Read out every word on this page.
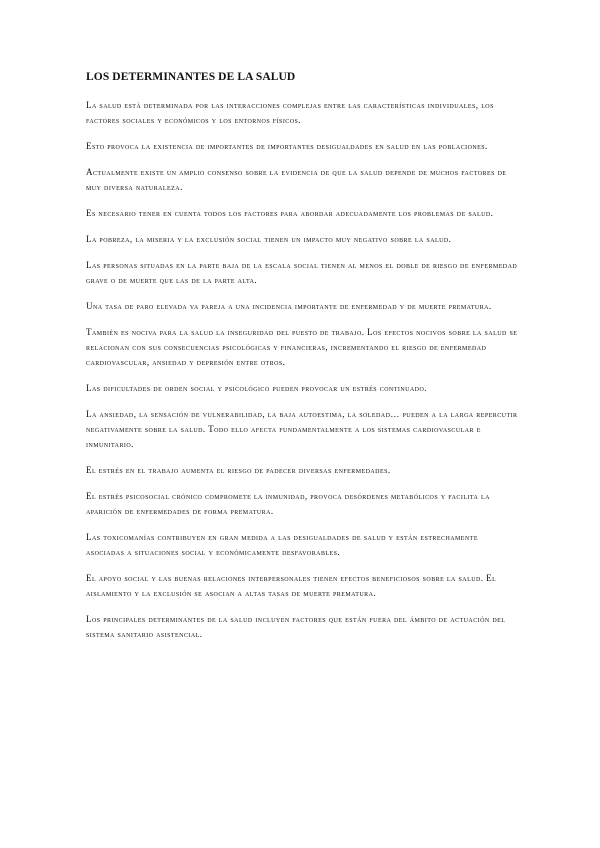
LOS DETERMINANTES DE LA SALUD

La salud está determinada por las interacciones complejas entre las características individuales, los factores sociales y económicos y los entornos físicos.

Esto provoca la existencia de importantes de importantes desigualdades en salud en las poblaciones.

Actualmente existe un amplio consenso sobre la evidencia de que la salud depende de muchos factores de muy diversa naturaleza.

Es necesario tener en cuenta todos los factores para abordar adecuadamente los problemas de salud.

La pobreza, la miseria y la exclusión social tienen un impacto muy negativo sobre la salud.

Las personas situadas en la parte baja de la escala social tienen al menos el doble de riesgo de enfermedad grave o de muerte que las de la parte alta.

Una tasa de paro elevada va pareja a una incidencia importante de enfermedad y de muerte prematura.

También es nociva para la salud la inseguridad del puesto de trabajo. Los efectos nocivos sobre la salud se relacionan con sus consecuencias psicológicas y financieras, incrementando el riesgo de enfermedad cardiovascular, ansiedad y depresión entre otros.

Las dificultades de orden social y psicológico pueden provocar un estrés continuado.

La ansiedad, la sensación de vulnerabilidad, la baja autoestima, la soledad… pueden a la larga repercutir negativamente sobre la salud. Todo ello afecta fundamentalmente a los sistemas cardiovascular e inmunitario.

El estrés en el trabajo aumenta el riesgo de padecer diversas enfermedades.

El estrés psicosocial crónico compromete la inmunidad, provoca desórdenes metabólicos y facilita la aparición de enfermedades de forma prematura.

Las toxicomanías contribuyen en gran medida a las desigualdades de salud y están estrechamente asociadas a situaciones social y económicamente desfavorables.

El apoyo social y las buenas relaciones interpersonales tienen efectos beneficiosos sobre la salud. El aislamiento y la exclusión se asocian a altas tasas de muerte prematura.

Los principales determinantes de la salud incluyen factores que están fuera del ámbito de actuación del sistema sanitario asistencial.
